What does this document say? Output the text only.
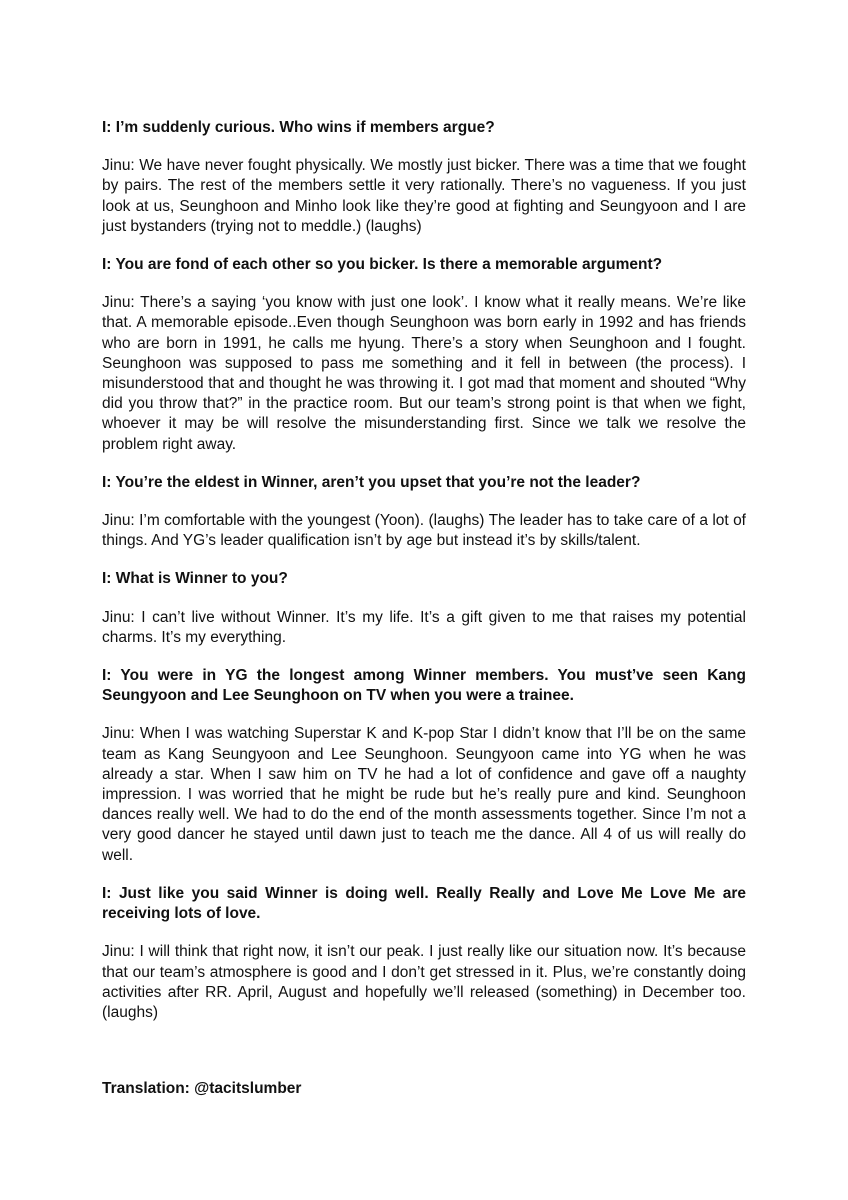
I: I’m suddenly curious. Who wins if members argue?

Jinu: We have never fought physically. We mostly just bicker. There was a time that we fought by pairs. The rest of the members settle it very rationally. There’s no vagueness. If you just look at us, Seunghoon and Minho look like they’re good at fighting and Seungyoon and I are just bystanders (trying not to meddle.) (laughs)

I: You are fond of each other so you bicker. Is there a memorable argument?

Jinu: There’s a saying ‘you know with just one look’. I know what it really means. We’re like that. A memorable episode..Even though Seunghoon was born early in 1992 and has friends who are born in 1991, he calls me hyung. There’s a story when Seunghoon and I fought. Seunghoon was supposed to pass me something and it fell in between (the process). I misunderstood that and thought he was throwing it. I got mad that moment and shouted “Why did you throw that?” in the practice room. But our team’s strong point is that when we fight, whoever it may be will resolve the misunderstanding first. Since we talk we resolve the problem right away.

I: You’re the eldest in Winner, aren’t you upset that you’re not the leader?

Jinu: I’m comfortable with the youngest (Yoon). (laughs) The leader has to take care of a lot of things. And YG’s leader qualification isn’t by age but instead it’s by skills/talent.

I: What is Winner to you?

Jinu: I can’t live without Winner. It’s my life. It’s a gift given to me that raises my potential charms. It’s my everything.

I: You were in YG the longest among Winner members. You must’ve seen Kang Seungyoon and Lee Seunghoon on TV when you were a trainee.

Jinu: When I was watching Superstar K and K-pop Star I didn’t know that I’ll be on the same team as Kang Seungyoon and Lee Seunghoon. Seungyoon came into YG when he was already a star. When I saw him on TV he had a lot of confidence and gave off a naughty impression. I was worried that he might be rude but he’s really pure and kind. Seunghoon dances really well. We had to do the end of the month assessments together. Since I’m not a very good dancer he stayed until dawn just to teach me the dance. All 4 of us will really do well.

I: Just like you said Winner is doing well. Really Really and Love Me Love Me are receiving lots of love.

Jinu: I will think that right now, it isn’t our peak. I just really like our situation now. It’s because that our team’s atmosphere is good and I don’t get stressed in it. Plus, we’re constantly doing activities after RR. April, August and hopefully we’ll released (something) in December too. (laughs)

Translation: @tacitslumber
